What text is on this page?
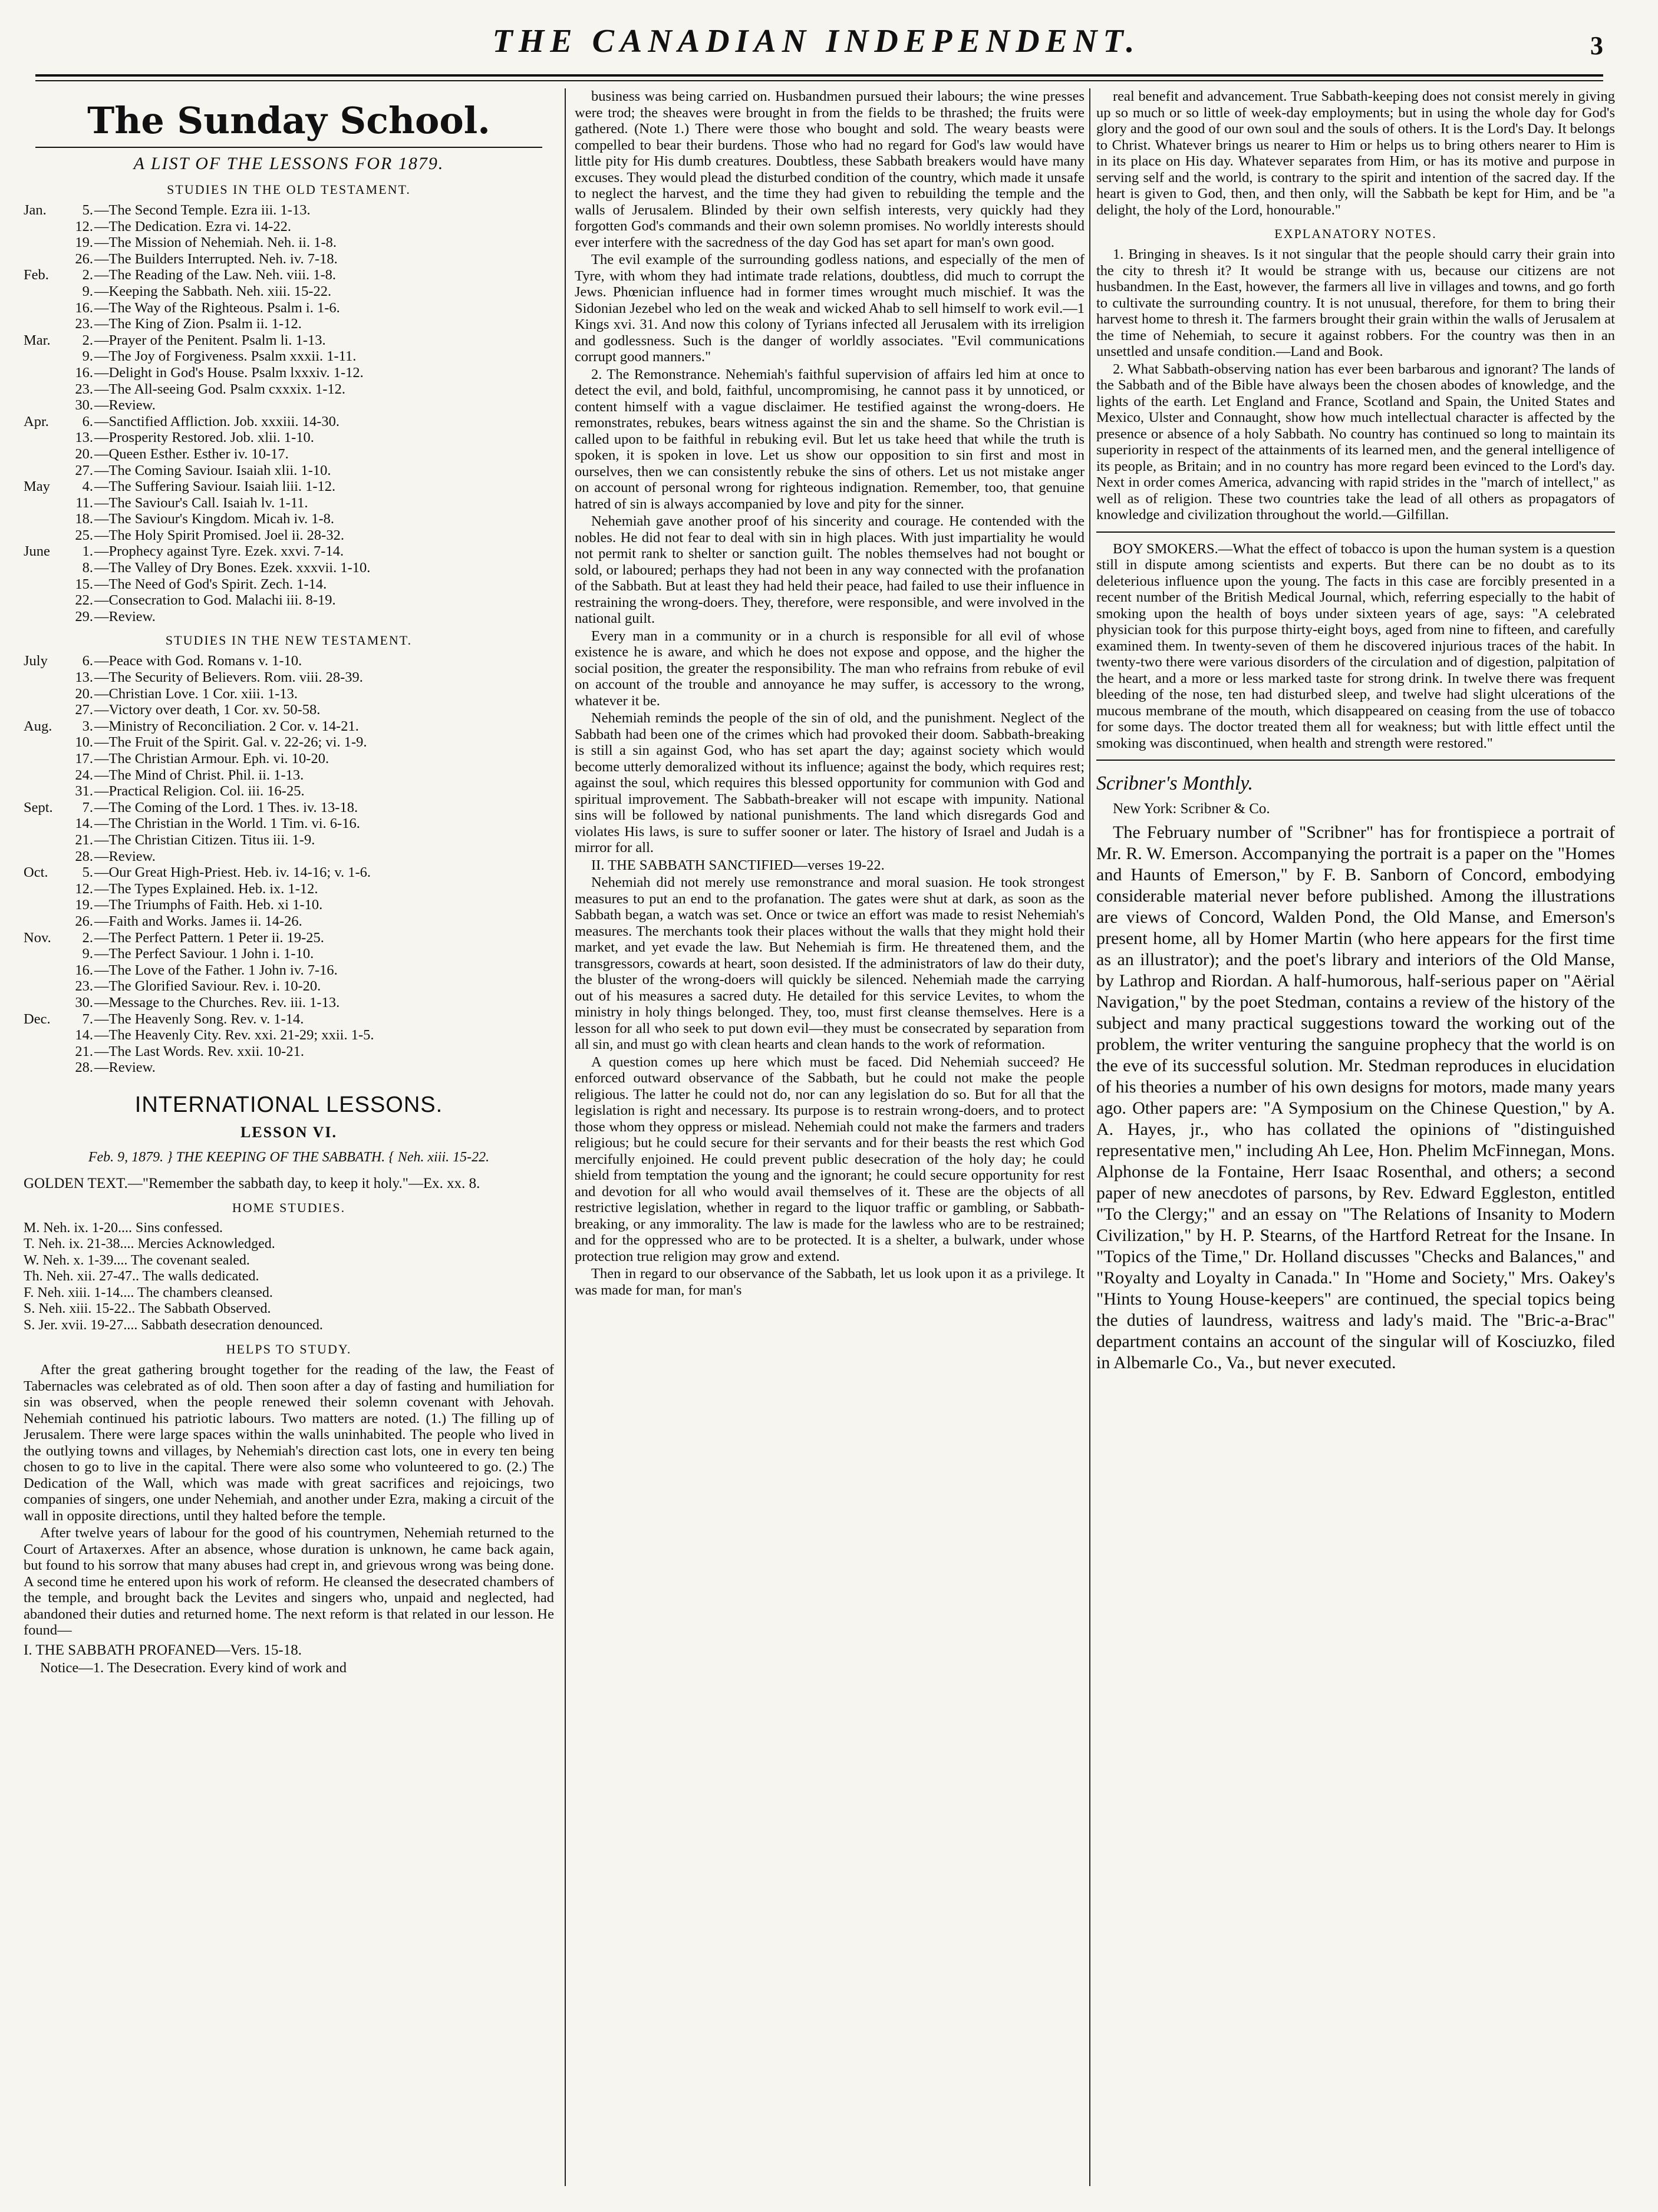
THE CANADIAN INDEPENDENT.	3
The Sunday School.
A LIST OF THE LESSONS FOR 1879.
STUDIES IN THE OLD TESTAMENT.
Jan. 5.—The Second Temple. Ezra iii. 1-13.
12.—The Dedication. Ezra vi. 14-22.
19.—The Mission of Nehemiah. Neh. ii. 1-8.
26.—The Builders Interrupted. Neh. iv. 7-18.
Feb. 2.—The Reading of the Law. Neh. viii. 1-8.
9.—Keeping the Sabbath. Neh. xiii. 15-22.
16.—The Way of the Righteous. Psalm i. 1-6.
23.—The King of Zion. Psalm ii. 1-12.
Mar. 2.—Prayer of the Penitent. Psalm li. 1-13.
9.—The Joy of Forgiveness. Psalm xxxii. 1-11.
16.—Delight in God's House. Psalm lxxxiv. 1-12.
23.—The All-seeing God. Psalm cxxxix. 1-12.
30.—Review.
Apr. 6.—Sanctified Affliction. Job. xxxiii. 14-30.
13.—Prosperity Restored. Job. xlii. 1-10.
20.—Queen Esther. Esther iv. 10-17.
27.—The Coming Saviour. Isaiah xlii. 1-10.
May 4.—The Suffering Saviour. Isaiah liii. 1-12.
11.—The Saviour's Call. Isaiah lv. 1-11.
18.—The Saviour's Kingdom. Micah iv. 1-8.
25.—The Holy Spirit Promised. Joel ii. 28-32.
June 1.—Prophecy against Tyre. Ezek. xxvi. 7-14.
8.—The Valley of Dry Bones. Ezek. xxxvii. 1-10.
15.—The Need of God's Spirit. Zech. 1-14.
22.—Consecration to God. Malachi iii. 8-19.
29.—Review.
STUDIES IN THE NEW TESTAMENT.
July 6.—Peace with God. Romans v. 1-10.
13.—The Security of Believers. Rom. viii. 28-39.
20.—Christian Love. 1 Cor. xiii. 1-13.
27.—Victory over death, 1 Cor. xv. 50-58.
Aug. 3.—Ministry of Reconciliation. 2 Cor. v. 14-21.
10.—The Fruit of the Spirit. Gal. v. 22-26; vi. 1-9.
17.—The Christian Armour. Eph. vi. 10-20.
24.—The Mind of Christ. Phil. ii. 1-13.
31.—Practical Religion. Col. iii. 16-25.
Sept. 7.—The Coming of the Lord. 1 Thes. iv. 13-18.
14.—The Christian in the World. 1 Tim. vi. 6-16.
21.—The Christian Citizen. Titus iii. 1-9.
28.—Review.
Oct. 5.—Our Great High-Priest. Heb. iv. 14-16; v. 1-6.
12.—The Types Explained. Heb. ix. 1-12.
19.—The Triumphs of Faith. Heb. xi 1-10.
26.—Faith and Works. James ii. 14-26.
Nov. 2.—The Perfect Pattern. 1 Peter ii. 19-25.
9.—The Perfect Saviour. 1 John i. 1-10.
16.—The Love of the Father. 1 John iv. 7-16.
23.—The Glorified Saviour. Rev. i. 10-20.
30.—Message to the Churches. Rev. iii. 1-13.
Dec. 7.—The Heavenly Song. Rev. v. 1-14.
14.—The Heavenly City. Rev. xxi. 21-29; xxii. 1-5.
21.—The Last Words. Rev. xxii. 10-21.
28.—Review.
INTERNATIONAL LESSONS.
LESSON VI.
Feb. 9, 1879. } THE KEEPING OF THE SABBATH. { Neh. xiii. 15-22.
GOLDEN TEXT.—"Remember the sabbath day, to keep it holy."—Ex. xx. 8.
HOME STUDIES.
M. Neh. ix. 1-20.... Sins confessed.
T. Neh. ix. 21-38.... Mercies Acknowledged.
W. Neh. x. 1-39.... The covenant sealed.
Th. Neh. xii. 27-47.. The walls dedicated.
F. Neh. xiii. 1-14.... The chambers cleansed.
S. Neh. xiii. 15-22.. The Sabbath Observed.
S. Jer. xvii. 19-27.... Sabbath desecration denounced.
HELPS TO STUDY.

After the great gathering brought together for the reading of the law, the Feast of Tabernacles was celebrated as of old. Then soon after a day of fasting and humiliation for sin was observed, when the people renewed their solemn covenant with Jehovah. Nehemiah continued his patriotic labours. Two matters are noted. (1.) The filling up of Jerusalem. There were large spaces within the walls uninhabited. The people who lived in the outlying towns and villages, by Nehemiah's direction cast lots, one in every ten being chosen to go to live in the capital. There were also some who volunteered to go. (2.) The Dedication of the Wall, which was made with great sacrifices and rejoicings, two companies of singers, one under Nehemiah, and another under Ezra, making a circuit of the wall in opposite directions, until they halted before the temple.

After twelve years of labour for the good of his countrymen, Nehemiah returned to the Court of Artaxerxes. After an absence, whose duration is unknown, he came back again, but found to his sorrow that many abuses had crept in, and grievous wrong was being done. A second time he entered upon his work of reform. He cleansed the desecrated chambers of the temple, and brought back the Levites and singers who, unpaid and neglected, had abandoned their duties and returned home. The next reform is that related in our lesson. He found—

I. THE SABBATH PROFANED—Vers. 15-18.

Notice—1. The Desecration. Every kind of work and

business was being carried on. Husbandmen pursued their labours; the wine presses were trod; the sheaves were brought in from the fields to be thrashed; the fruits were gathered. (Note 1.) There were those who bought and sold. The weary beasts were compelled to bear their burdens. Those who had no regard for God's law would have little pity for His dumb creatures. Doubtless, these Sabbath breakers would have many excuses. They would plead the disturbed condition of the country, which made it unsafe to neglect the harvest, and the time they had given to rebuilding the temple and the walls of Jerusalem. Blinded by their own selfish interests, very quickly had they forgotten God's commands and their own solemn promises. No worldly interests should ever interfere with the sacredness of the day God has set apart for man's own good.

The evil example of the surrounding godless nations, and especially of the men of Tyre, with whom they had intimate trade relations, doubtless, did much to corrupt the Jews. Phœnician influence had in former times wrought much mischief. It was the Sidonian Jezebel who led on the weak and wicked Ahab to sell himself to work evil.—1 Kings xvi. 31. And now this colony of Tyrians infected all Jerusalem with its irreligion and godlessness. Such is the danger of worldly associates. "Evil communications corrupt good manners."

2. The Remonstrance. Nehemiah's faithful supervision of affairs led him at once to detect the evil, and bold, faithful, uncompromising, he cannot pass it by unnoticed, or content himself with a vague disclaimer. He testified against the wrong-doers. He remonstrates, rebukes, bears witness against the sin and the shame. So the Christian is called upon to be faithful in rebuking evil. But let us take heed that while the truth is spoken, it is spoken in love. Let us show our opposition to sin first and most in ourselves, then we can consistently rebuke the sins of others. Let us not mistake anger on account of personal wrong for righteous indignation. Remember, too, that genuine hatred of sin is always accompanied by love and pity for the sinner.

Nehemiah gave another proof of his sincerity and courage. He contended with the nobles. He did not fear to deal with sin in high places. With just impartiality he would not permit rank to shelter or sanction guilt. The nobles themselves had not bought or sold, or laboured; perhaps they had not been in any way connected with the profanation of the Sabbath. But at least they had held their peace, had failed to use their influence in restraining the wrong-doers. They, therefore, were responsible, and were involved in the national guilt.

Every man in a community or in a church is responsible for all evil of whose existence he is aware, and which he does not expose and oppose, and the higher the social position, the greater the responsibility. The man who refrains from rebuke of evil on account of the trouble and annoyance he may suffer, is accessory to the wrong, whatever it be.

Nehemiah reminds the people of the sin of old, and the punishment. Neglect of the Sabbath had been one of the crimes which had provoked their doom. Sabbath-breaking is still a sin against God, who has set apart the day; against society which would become utterly demoralized without its influence; against the body, which requires rest; against the soul, which requires this blessed opportunity for communion with God and spiritual improvement. The Sabbath-breaker will not escape with impunity. National sins will be followed by national punishments. The land which disregards God and violates His laws, is sure to suffer sooner or later. The history of Israel and Judah is a mirror for all.

II. THE SABBATH SANCTIFIED—verses 19-22.

Nehemiah did not merely use remonstrance and moral suasion. He took strongest measures to put an end to the profanation. The gates were shut at dark, as soon as the Sabbath began, a watch was set. Once or twice an effort was made to resist Nehemiah's measures. The merchants took their places without the walls that they might hold their market, and yet evade the law. But Nehemiah is firm. He threatened them, and the transgressors, cowards at heart, soon desisted. If the administrators of law do their duty, the bluster of the wrong-doers will quickly be silenced. Nehemiah made the carrying out of his measures a sacred duty. He detailed for this service Levites, to whom the ministry in holy things belonged. They, too, must first cleanse themselves. Here is a lesson for all who seek to put down evil—they must be consecrated by separation from all sin, and must go with clean hearts and clean hands to the work of reformation.

A question comes up here which must be faced. Did Nehemiah succeed? He enforced outward observance of the Sabbath, but he could not make the people religious. The latter he could not do, nor can any legislation do so. But for all that the legislation is right and necessary. Its purpose is to restrain wrong-doers, and to protect those whom they oppress or mislead. Nehemiah could not make the farmers and traders religious; but he could secure for their servants and for their beasts the rest which God mercifully enjoined. He could prevent public desecration of the holy day; he could shield from temptation the young and the ignorant; he could secure opportunity for rest and devotion for all who would avail themselves of it. These are the objects of all restrictive legislation, whether in regard to the liquor traffic or gambling, or Sabbath-breaking, or any immorality. The law is made for the lawless who are to be restrained; and for the oppressed who are to be protected. It is a shelter, a bulwark, under whose protection true religion may grow and extend.

Then in regard to our observance of the Sabbath, let us look upon it as a privilege. It was made for man, for man's

real benefit and advancement. True Sabbath-keeping does not consist merely in giving up so much or so little of week-day employments; but in using the whole day for God's glory and the good of our own soul and the souls of others. It is the Lord's Day. It belongs to Christ. Whatever brings us nearer to Him or helps us to bring others nearer to Him is in its place on His day. Whatever separates from Him, or has its motive and purpose in serving self and the world, is contrary to the spirit and intention of the sacred day. If the heart is given to God, then, and then only, will the Sabbath be kept for Him, and be "a delight, the holy of the Lord, honourable."

EXPLANATORY NOTES.

1. Bringing in sheaves. Is it not singular that the people should carry their grain into the city to thresh it? It would be strange with us, because our citizens are not husbandmen. In the East, however, the farmers all live in villages and towns, and go forth to cultivate the surrounding country. It is not unusual, therefore, for them to bring their harvest home to thresh it. The farmers brought their grain within the walls of Jerusalem at the time of Nehemiah, to secure it against robbers. For the country was then in an unsettled and unsafe condition.—Land and Book.

2. What Sabbath-observing nation has ever been barbarous and ignorant? The lands of the Sabbath and of the Bible have always been the chosen abodes of knowledge, and the lights of the earth. Let England and France, Scotland and Spain, the United States and Mexico, Ulster and Connaught, show how much intellectual character is affected by the presence or absence of a holy Sabbath. No country has continued so long to maintain its superiority in respect of the attainments of its learned men, and the general intelligence of its people, as Britain; and in no country has more regard been evinced to the Lord's day. Next in order comes America, advancing with rapid strides in the "march of intellect," as well as of religion. These two countries take the lead of all others as propagators of knowledge and civilization throughout the world.—Gilfillan.

BOY SMOKERS.—What the effect of tobacco is upon the human system is a question still in dispute among scientists and experts. But there can be no doubt as to its deleterious influence upon the young. The facts in this case are forcibly presented in a recent number of the British Medical Journal, which, referring especially to the habit of smoking upon the health of boys under sixteen years of age, says: "A celebrated physician took for this purpose thirty-eight boys, aged from nine to fifteen, and carefully examined them. In twenty-seven of them he discovered injurious traces of the habit. In twenty-two there were various disorders of the circulation and of digestion, palpitation of the heart, and a more or less marked taste for strong drink. In twelve there was frequent bleeding of the nose, ten had disturbed sleep, and twelve had slight ulcerations of the mucous membrane of the mouth, which disappeared on ceasing from the use of tobacco for some days. The doctor treated them all for weakness; but with little effect until the smoking was discontinued, when health and strength were restored."

Scribner's Monthly.
New York: Scribner & Co.

The February number of "Scribner" has for frontispiece a portrait of Mr. R. W. Emerson. Accompanying the portrait is a paper on the "Homes and Haunts of Emerson," by F. B. Sanborn of Concord, embodying considerable material never before published. Among the illustrations are views of Concord, Walden Pond, the Old Manse, and Emerson's present home, all by Homer Martin (who here appears for the first time as an illustrator); and the poet's library and interiors of the Old Manse, by Lathrop and Riordan. A half-humorous, half-serious paper on "Aërial Navigation," by the poet Stedman, contains a review of the history of the subject and many practical suggestions toward the working out of the problem, the writer venturing the sanguine prophecy that the world is on the eve of its successful solution. Mr. Stedman reproduces in elucidation of his theories a number of his own designs for motors, made many years ago. Other papers are: "A Symposium on the Chinese Question," by A. A. Hayes, jr., who has collated the opinions of "distinguished representative men," including Ah Lee, Hon. Phelim McFinnegan, Mons. Alphonse de la Fontaine, Herr Isaac Rosenthal, and others; a second paper of new anecdotes of parsons, by Rev. Edward Eggleston, entitled "To the Clergy;" and an essay on "The Relations of Insanity to Modern Civilization," by H. P. Stearns, of the Hartford Retreat for the Insane. In "Topics of the Time," Dr. Holland discusses "Checks and Balances," and "Royalty and Loyalty in Canada." In "Home and Society," Mrs. Oakey's "Hints to Young House-keepers" are continued, the special topics being the duties of laundress, waitress and lady's maid. The "Bric-a-Brac" department contains an account of the singular will of Kosciuzko, filed in Albemarle Co., Va., but never executed.
